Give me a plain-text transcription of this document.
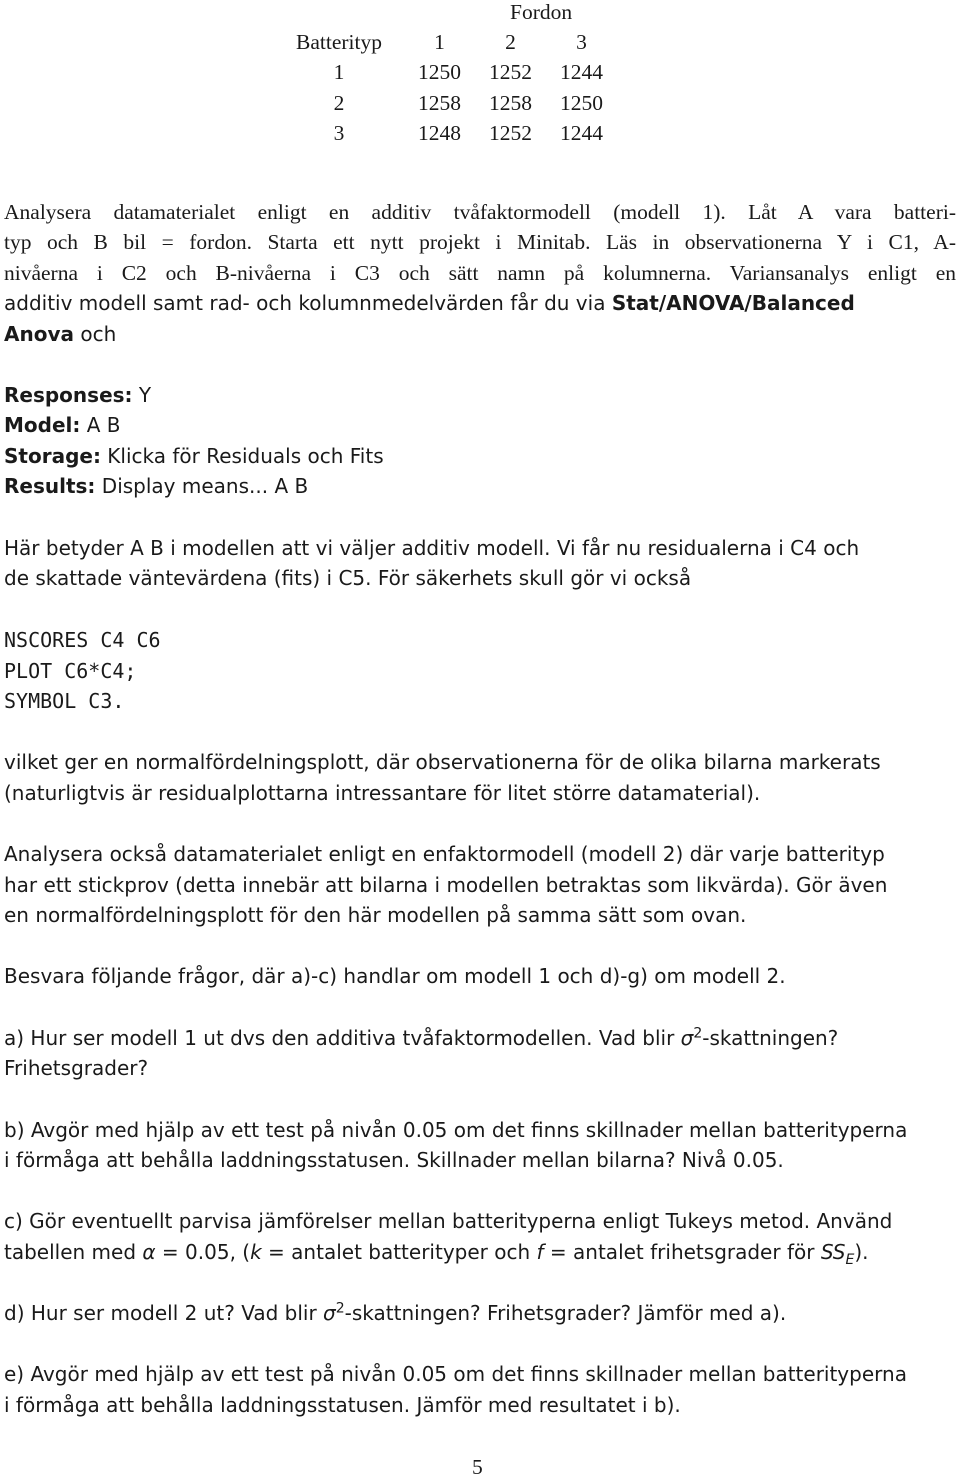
Fordon
Batterityp	1	2	3
1	1250	1252	1244
2	1258	1258	1250
3	1248	1252	1244
Analysera datamaterialet enligt en additiv tvåfaktormodell (modell 1). Låt A vara batteri-
typ och B bil = fordon. Starta ett nytt projekt i Minitab. Läs in observationerna Y i C1, A-
nivåerna i C2 och B-nivåerna i C3 och sätt namn på kolumnerna. Variansanalys enligt en
additiv modell samt rad- och kolumnmedelvärden får du via Stat/ANOVA/Balanced
Anova och
Responses: Y
Model: A B
Storage: Klicka för Residuals och Fits
Results: Display means... A B
Här betyder A B i modellen att vi väljer additiv modell. Vi får nu residualerna i C4 och
de skattade väntevärdena (fits) i C5. För säkerhets skull gör vi också
NSCORES C4 C6
PLOT C6*C4;
SYMBOL C3.
vilket ger en normalfördelningsplott, där observationerna för de olika bilarna markerats
(naturligtvis är residualplottarna intressantare för litet större datamaterial).
Analysera också datamaterialet enligt en enfaktormodell (modell 2) där varje batterityp
har ett stickprov (detta innebär att bilarna i modellen betraktas som likvärda). Gör även
en normalfördelningsplott för den här modellen på samma sätt som ovan.
Besvara följande frågor, där a)-c) handlar om modell 1 och d)-g) om modell 2.
a) Hur ser modell 1 ut dvs den additiva tvåfaktormodellen. Vad blir $\sigma^2$-skattningen?
Frihetsgrader?
b) Avgör med hjälp av ett test på nivån 0.05 om det finns skillnader mellan batterityperna
i förmåga att behålla laddningsstatusen. Skillnader mellan bilarna? Nivå 0.05.
c) Gör eventuellt parvisa jämförelser mellan batterityperna enligt Tukeys metod. Använd
tabellen med α = 0.05, (k = antalet batterityper och f = antalet frihetsgrader för $SS_E$).
d) Hur ser modell 2 ut? Vad blir $\sigma^2$-skattningen? Frihetsgrader? Jämför med a).
e) Avgör med hjälp av ett test på nivån 0.05 om det finns skillnader mellan batterityperna
i förmåga att behålla laddningsstatusen. Jämför med resultatet i b).
5
